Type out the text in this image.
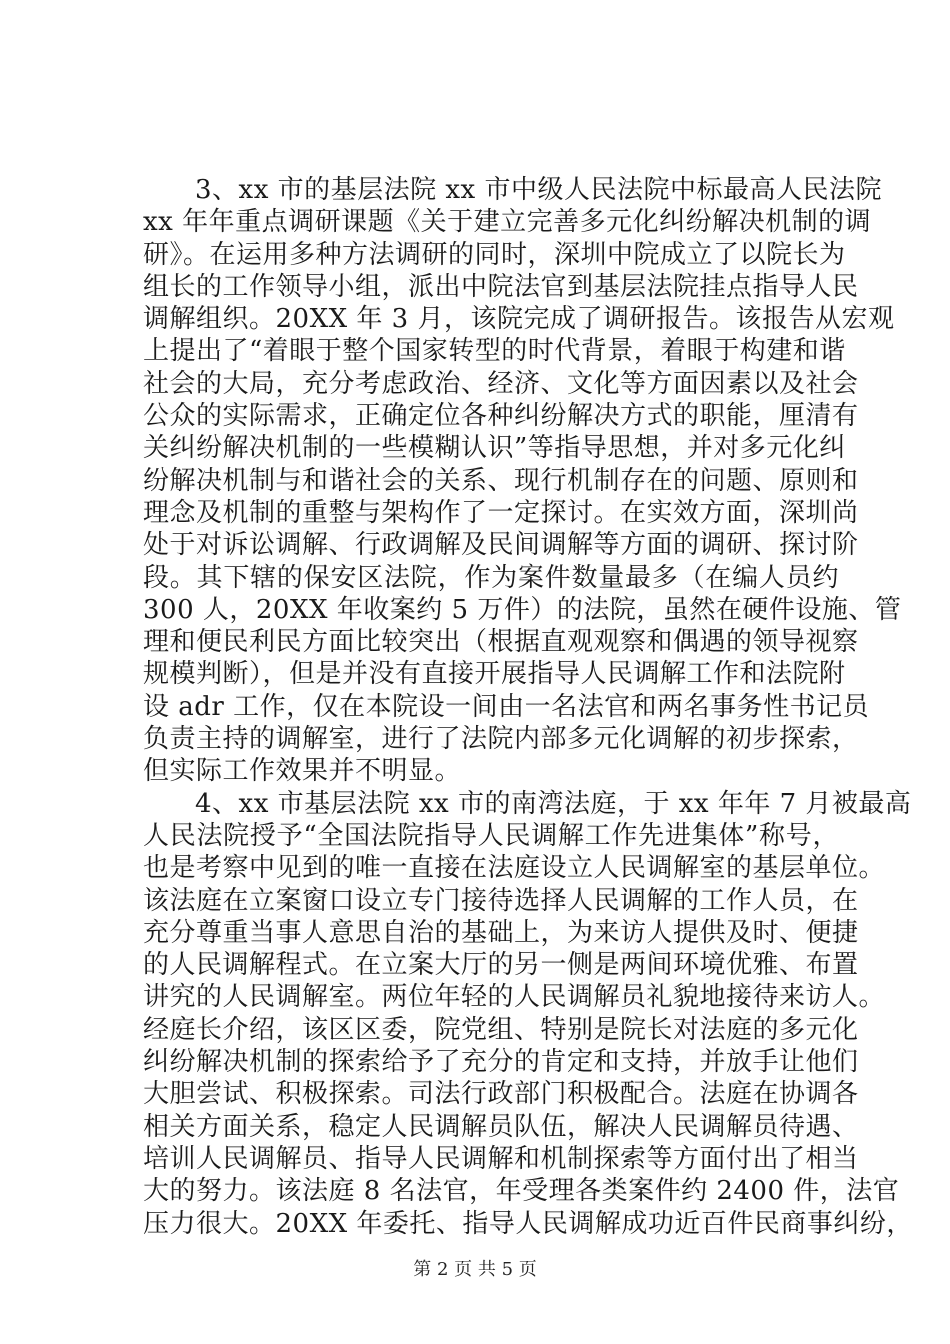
3、xx 市的基层法院 xx 市中级人民法院中标最高人民法院
xx 年年重点调研课题《关于建立完善多元化纠纷解决机制的调
研》。在运用多种方法调研的同时，深圳中院成立了以院长为
组长的工作领导小组，派出中院法官到基层法院挂点指导人民
调解组织。20XX 年 3 月，该院完成了调研报告。该报告从宏观
上提出了“着眼于整个国家转型的时代背景，着眼于构建和谐
社会的大局，充分考虑政治、经济、文化等方面因素以及社会
公众的实际需求，正确定位各种纠纷解决方式的职能，厘清有
关纠纷解决机制的一些模糊认识”等指导思想，并对多元化纠
纷解决机制与和谐社会的关系、现行机制存在的问题、原则和
理念及机制的重整与架构作了一定探讨。在实效方面，深圳尚
处于对诉讼调解、行政调解及民间调解等方面的调研、探讨阶
段。其下辖的保安区法院，作为案件数量最多（在编人员约
300 人，20XX 年收案约 5 万件）的法院，虽然在硬件设施、管
理和便民利民方面比较突出（根据直观观察和偶遇的领导视察
规模判断），但是并没有直接开展指导人民调解工作和法院附
设 adr 工作，仅在本院设一间由一名法官和两名事务性书记员
负责主持的调解室，进行了法院内部多元化调解的初步探索，
但实际工作效果并不明显。
4、xx 市基层法院 xx 市的南湾法庭，于 xx 年年 7 月被最高
人民法院授予“全国法院指导人民调解工作先进集体”称号，
也是考察中见到的唯一直接在法庭设立人民调解室的基层单位。
该法庭在立案窗口设立专门接待选择人民调解的工作人员，在
充分尊重当事人意思自治的基础上，为来访人提供及时、便捷
的人民调解程式。在立案大厅的另一侧是两间环境优雅、布置
讲究的人民调解室。两位年轻的人民调解员礼貌地接待来访人。
经庭长介绍，该区区委，院党组、特别是院长对法庭的多元化
纠纷解决机制的探索给予了充分的肯定和支持，并放手让他们
大胆尝试、积极探索。司法行政部门积极配合。法庭在协调各
相关方面关系，稳定人民调解员队伍，解决人民调解员待遇、
培训人民调解员、指导人民调解和机制探索等方面付出了相当
大的努力。该法庭 8 名法官，年受理各类案件约 2400 件，法官
压力很大。20XX 年委托、指导人民调解成功近百件民商事纠纷，
第 2 页 共 5 页
